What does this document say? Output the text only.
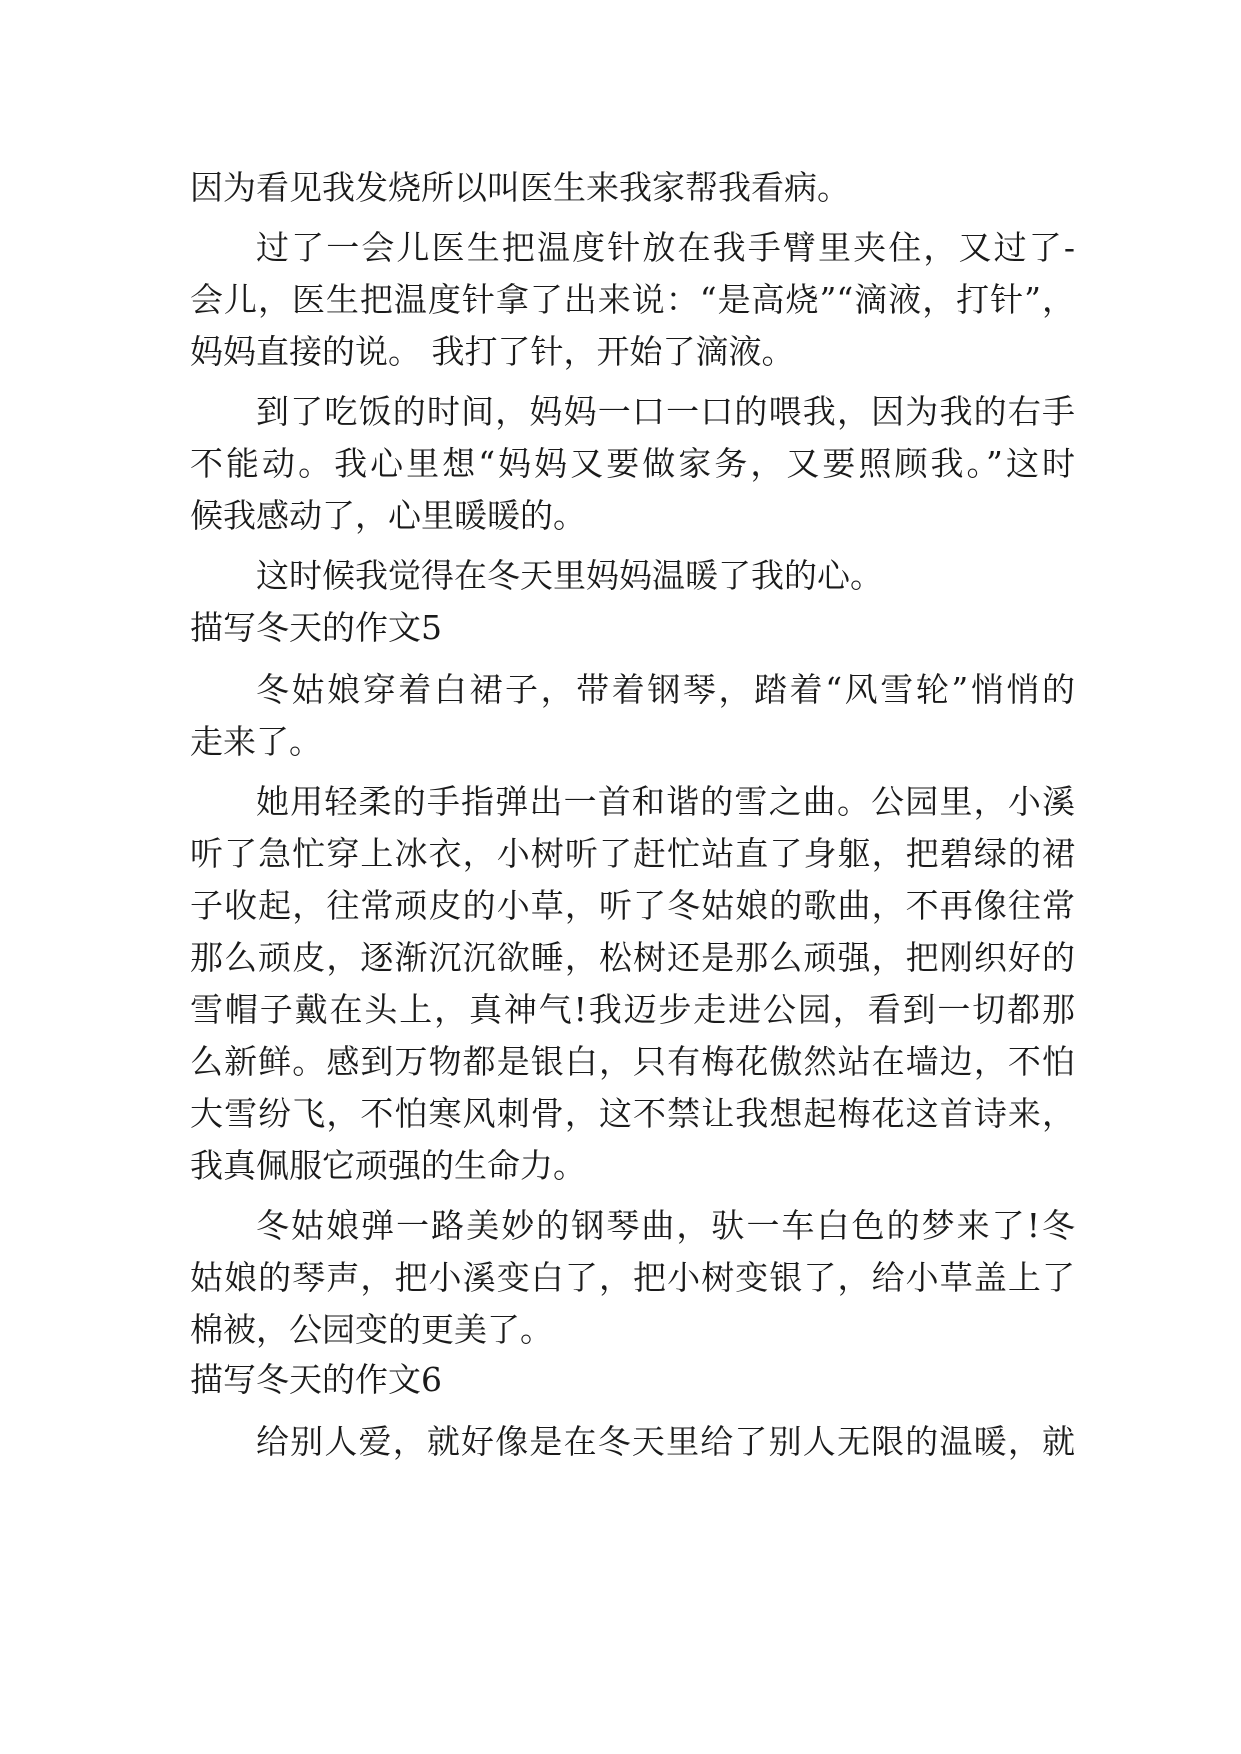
因为看见我发烧所以叫医生来我家帮我看病。

过了一会儿医生把温度针放在我手臂里夹住，又过了-

会儿，医生把温度针拿了出来说：“是高烧”“滴液，打针”，

妈妈直接的说。 我打了针，开始了滴液。

到了吃饭的时间，妈妈一口一口的喂我，因为我的右手

不能动。我心里想“妈妈又要做家务，又要照顾我。”这时

候我感动了，心里暖暖的。

这时候我觉得在冬天里妈妈温暖了我的心。

描写冬天的作文5

冬姑娘穿着白裙子，带着钢琴，踏着“风雪轮”悄悄的

走来了。

她用轻柔的手指弹出一首和谐的雪之曲。公园里，小溪

听了急忙穿上冰衣，小树听了赶忙站直了身躯，把碧绿的裙

子收起，往常顽皮的小草，听了冬姑娘的歌曲，不再像往常

那么顽皮，逐渐沉沉欲睡，松树还是那么顽强，把刚织好的

雪帽子戴在头上，真神气!我迈步走进公园，看到一切都那

么新鲜。感到万物都是银白，只有梅花傲然站在墙边，不怕

大雪纷飞，不怕寒风刺骨，这不禁让我想起梅花这首诗来，

我真佩服它顽强的生命力。

冬姑娘弹一路美妙的钢琴曲，驮一车白色的梦来了!冬

姑娘的琴声，把小溪变白了，把小树变银了，给小草盖上了

棉被，公园变的更美了。

描写冬天的作文6

给别人爱，就好像是在冬天里给了别人无限的温暖，就
